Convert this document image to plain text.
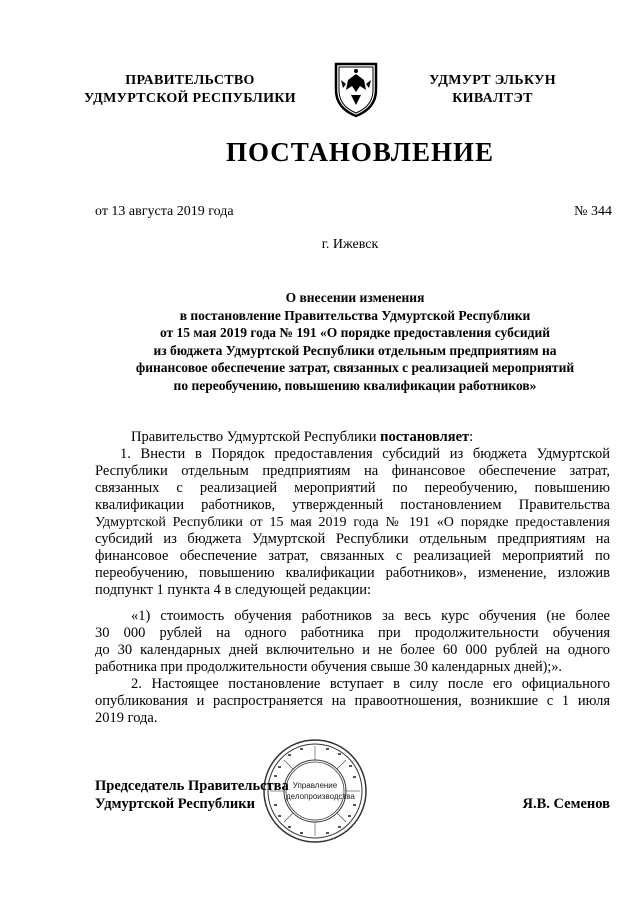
ПРАВИТЕЛЬСТВО
УДМУРТСКОЙ РЕСПУБЛИКИ
УДМУРТ ЭЛЬКУН
КИВАЛТЭТ
ПОСТАНОВЛЕНИЕ
от 13 августа 2019 года	№ 344
г. Ижевск
О внесении изменения
в постановление Правительства Удмуртской Республики
от 15 мая 2019 года № 191 «О порядке предоставления субсидий
из бюджета Удмуртской Республики отдельным предприятиям на
финансовое обеспечение затрат, связанных с реализацией мероприятий
по переобучению, повышению квалификации работников»
Правительство Удмуртской Республики постановляет:
1. Внести в Порядок предоставления субсидий из бюджета Удмуртской
Республики отдельным предприятиям на финансовое обеспечение затрат,
связанных с реализацией мероприятий по переобучению, повышению
квалификации работников, утвержденный постановлением Правительства
Удмуртской Республики от 15 мая 2019 года № 191 «О порядке предоставления
субсидий из бюджета Удмуртской Республики отдельным предприятиям на
финансовое обеспечение затрат, связанных с реализацией мероприятий по
переобучению, повышению квалификации работников», изменение, изложив
подпункт 1 пункта 4 в следующей редакции:
«1) стоимость обучения работников за весь курс обучения (не более
30 000 рублей на одного работника при продолжительности обучения
до 30 календарных дней включительно и не более 60 000 рублей на одного
работника при продолжительности обучения свыше 30 календарных дней);».
2. Настоящее постановление вступает в силу после его официального
опубликования и распространяется на правоотношения, возникшие с 1 июля
2019 года.
Управление
делопроизводства
Председатель Правительства
Удмуртской Республики	Я.В. Семенов
